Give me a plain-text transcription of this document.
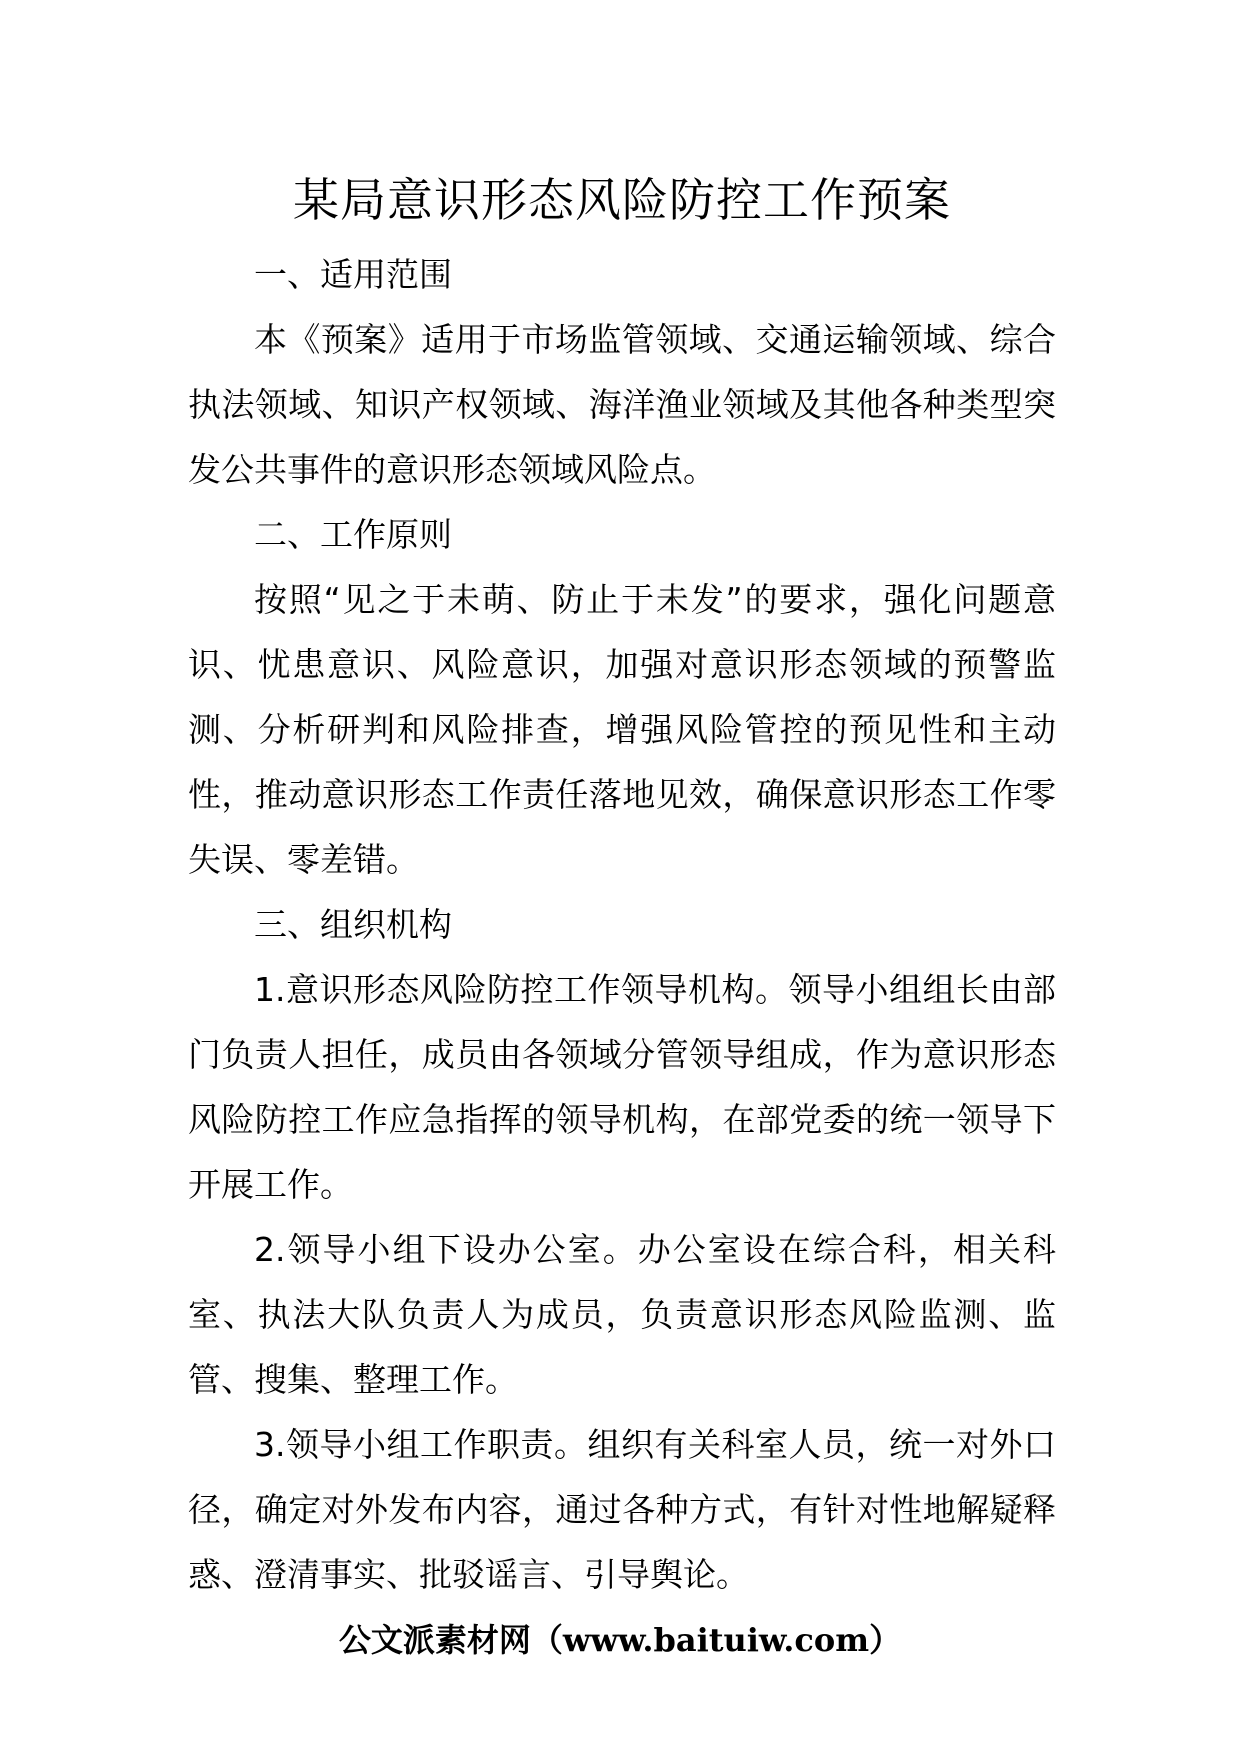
某局意识形态风险防控工作预案
一、适用范围

本《预案》适用于市场监管领域、交通运输领域、综合执法领域、知识产权领域、海洋渔业领域及其他各种类型突发公共事件的意识形态领域风险点。

二、工作原则

按照“见之于未萌、防止于未发”的要求，强化问题意识、忧患意识、风险意识，加强对意识形态领域的预警监测、分析研判和风险排查，增强风险管控的预见性和主动性，推动意识形态工作责任落地见效，确保意识形态工作零失误、零差错。

三、组织机构

1.意识形态风险防控工作领导机构。领导小组组长由部门负责人担任，成员由各领域分管领导组成，作为意识形态风险防控工作应急指挥的领导机构，在部党委的统一领导下开展工作。

2.领导小组下设办公室。办公室设在综合科，相关科室、执法大队负责人为成员，负责意识形态风险监测、监管、搜集、整理工作。

3.领导小组工作职责。组织有关科室人员，统一对外口径，确定对外发布内容，通过各种方式，有针对性地解疑释惑、澄清事实、批驳谣言、引导舆论。

公文派素材网（www.baituiw.com）
